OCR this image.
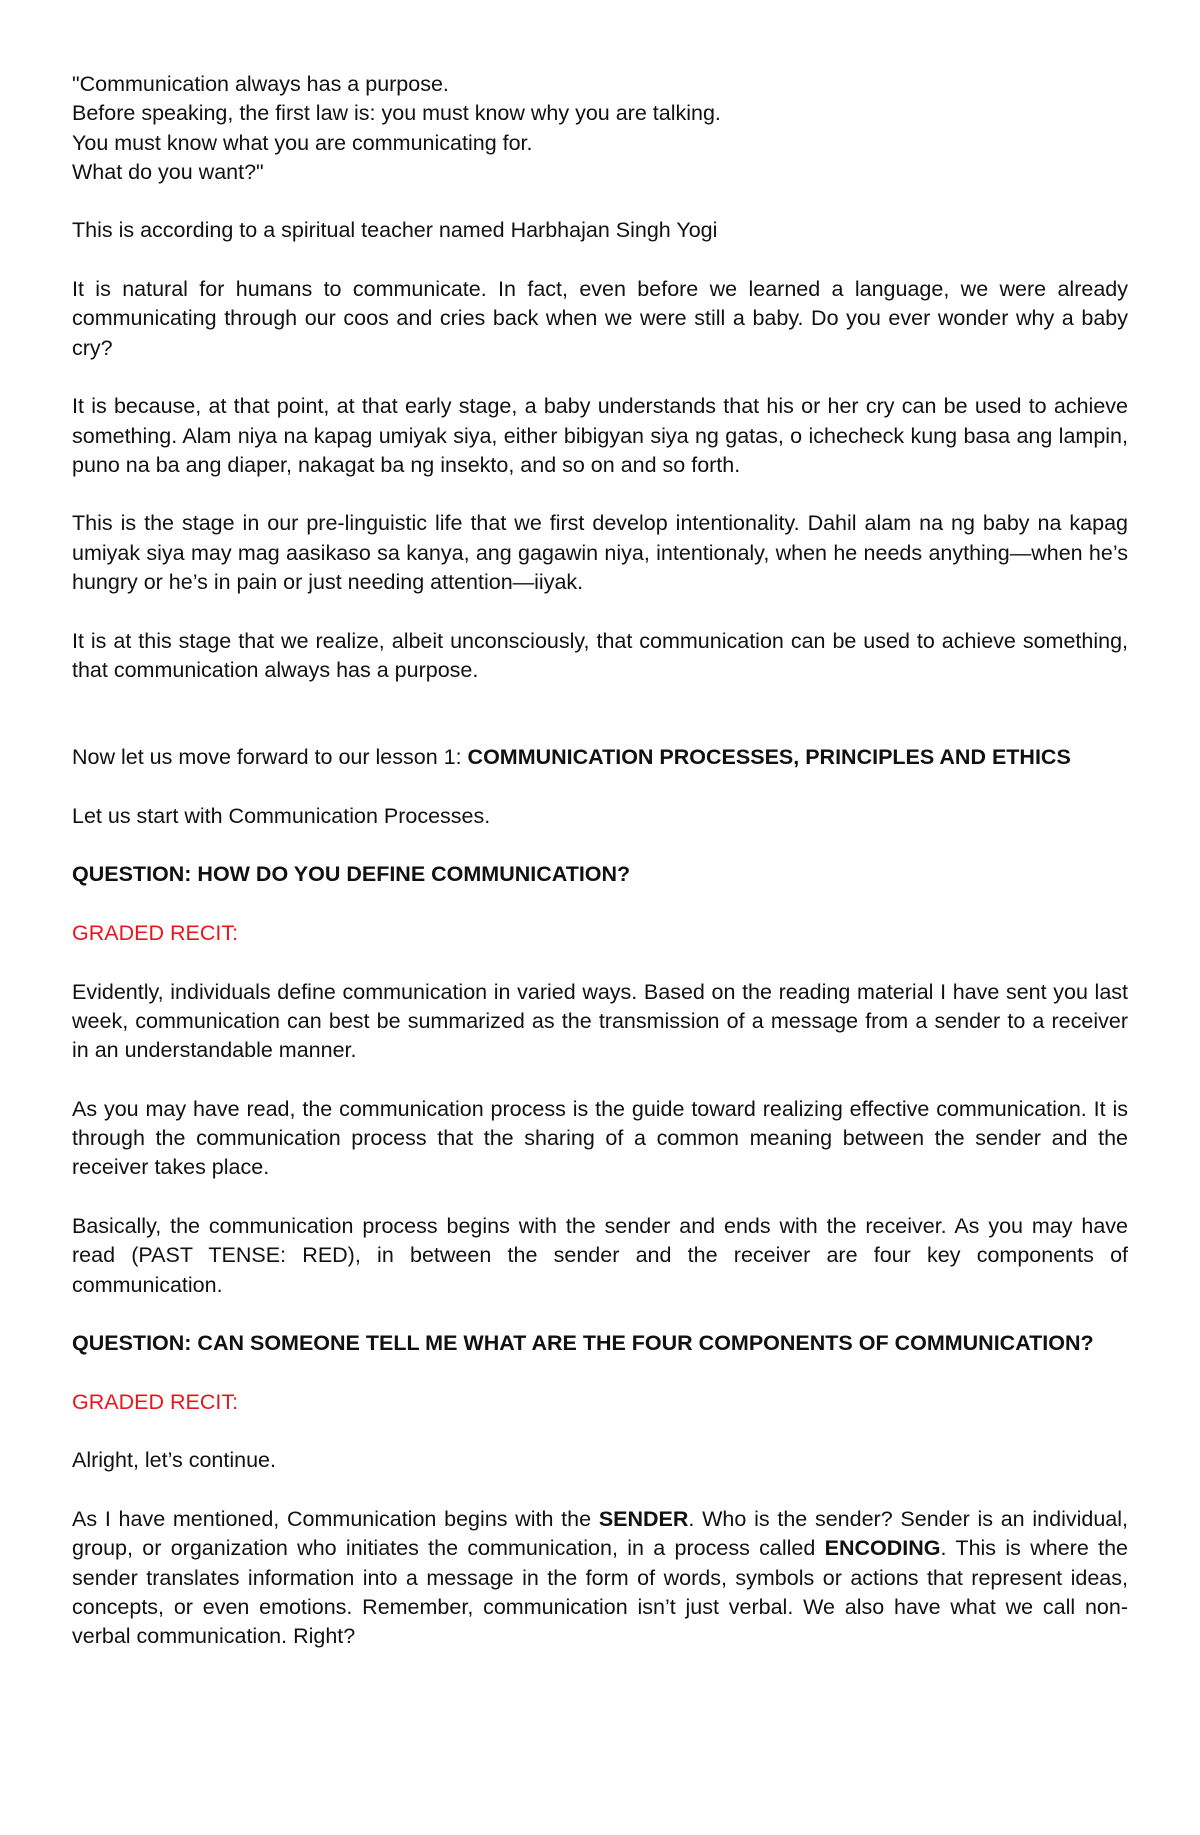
"Communication always has a purpose.
Before speaking, the first law is: you must know why you are talking.
You must know what you are communicating for.
What do you want?"

This is according to a spiritual teacher named Harbhajan Singh Yogi

It is natural for humans to communicate. In fact, even before we learned a language, we were already communicating through our coos and cries back when we were still a baby. Do you ever wonder why a baby cry?

It is because, at that point, at that early stage, a baby understands that his or her cry can be used to achieve something. Alam niya na kapag umiyak siya, either bibigyan siya ng gatas, o ichecheck kung basa ang lampin, puno na ba ang diaper, nakagat ba ng insekto, and so on and so forth.

This is the stage in our pre-linguistic life that we first develop intentionality. Dahil alam na ng baby na kapag umiyak siya may mag aasikaso sa kanya, ang gagawin niya, intentionaly, when he needs anything—when he’s hungry or he’s in pain or just needing attention—iiyak.

It is at this stage that we realize, albeit unconsciously, that communication can be used to achieve something, that communication always has a purpose.

Now let us move forward to our lesson 1: COMMUNICATION PROCESSES, PRINCIPLES AND ETHICS

Let us start with Communication Processes.

QUESTION: HOW DO YOU DEFINE COMMUNICATION?

GRADED RECIT:

Evidently, individuals define communication in varied ways. Based on the reading material I have sent you last week, communication can best be summarized as the transmission of a message from a sender to a receiver in an understandable manner.

As you may have read, the communication process is the guide toward realizing effective communication. It is through the communication process that the sharing of a common meaning between the sender and the receiver takes place.

Basically, the communication process begins with the sender and ends with the receiver. As you may have read (PAST TENSE: RED), in between the sender and the receiver are four key components of communication.

QUESTION: CAN SOMEONE TELL ME WHAT ARE THE FOUR COMPONENTS OF COMMUNICATION?

GRADED RECIT:

Alright, let’s continue.

As I have mentioned, Communication begins with the SENDER. Who is the sender? Sender is an individual, group, or organization who initiates the communication, in a process called ENCODING. This is where the sender translates information into a message in the form of words, symbols or actions that represent ideas, concepts, or even emotions. Remember, communication isn’t just verbal. We also have what we call non-verbal communication. Right?
